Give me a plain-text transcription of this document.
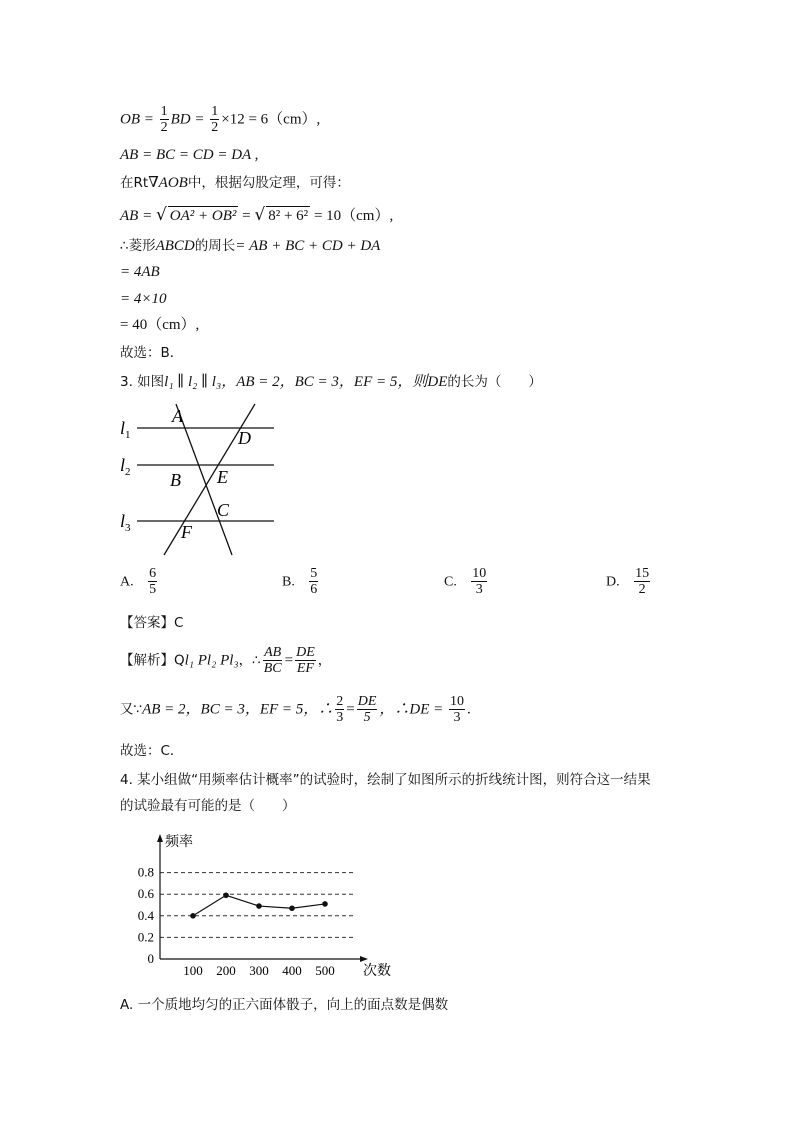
OB = $\frac{1}{2}$ BD = $\frac{1}{2} \times 12 = 6(cm)$,
AB = BC = CD = DA ,
在Rt∇AOB中，根据勾股定理，可得：
AB = √ OA² + OB² = √ 8² + 6² = 10（cm）,
∴菱形ABCD的周长= AB + BC + CD + DA
= 4AB
= 4×10
= 40（cm）,
故选：B．
3. 如图l₁ ∥ l₂ ∥ l₃，AB = 2，BC = 3，EF = 5，则DE的长为（　　）
$l_1$
$l_2$
$l_3$
A
D
B E
C
F
A. $\frac{6}{5}$	B. $\frac{5}{6}$	C. $\frac{10}{3}$	D. $\frac{15}{2}$
【答案】C
【解析】Ql₁ Pl₂ Pl₃，∴ $\frac{AB}{BC} = \frac{DE}{EF}$ ，
又∵AB = 2，BC = 3，EF = 5，∴ $\frac{2}{3} = \frac{DE}{5}$ ，∴DE = $\frac{10}{3}$ .
故选：C．
4. 某小组做“用频率估计概率”的试验时，绘制了如图所示的折线统计图，则符合这一结果
的试验最有可能的是（　　）
0
0.2
0.4
0.6
0.8
100 200 300 400 500
频率
次数
A. 一个质地均匀的正六面体骰子，向上的面点数是偶数
